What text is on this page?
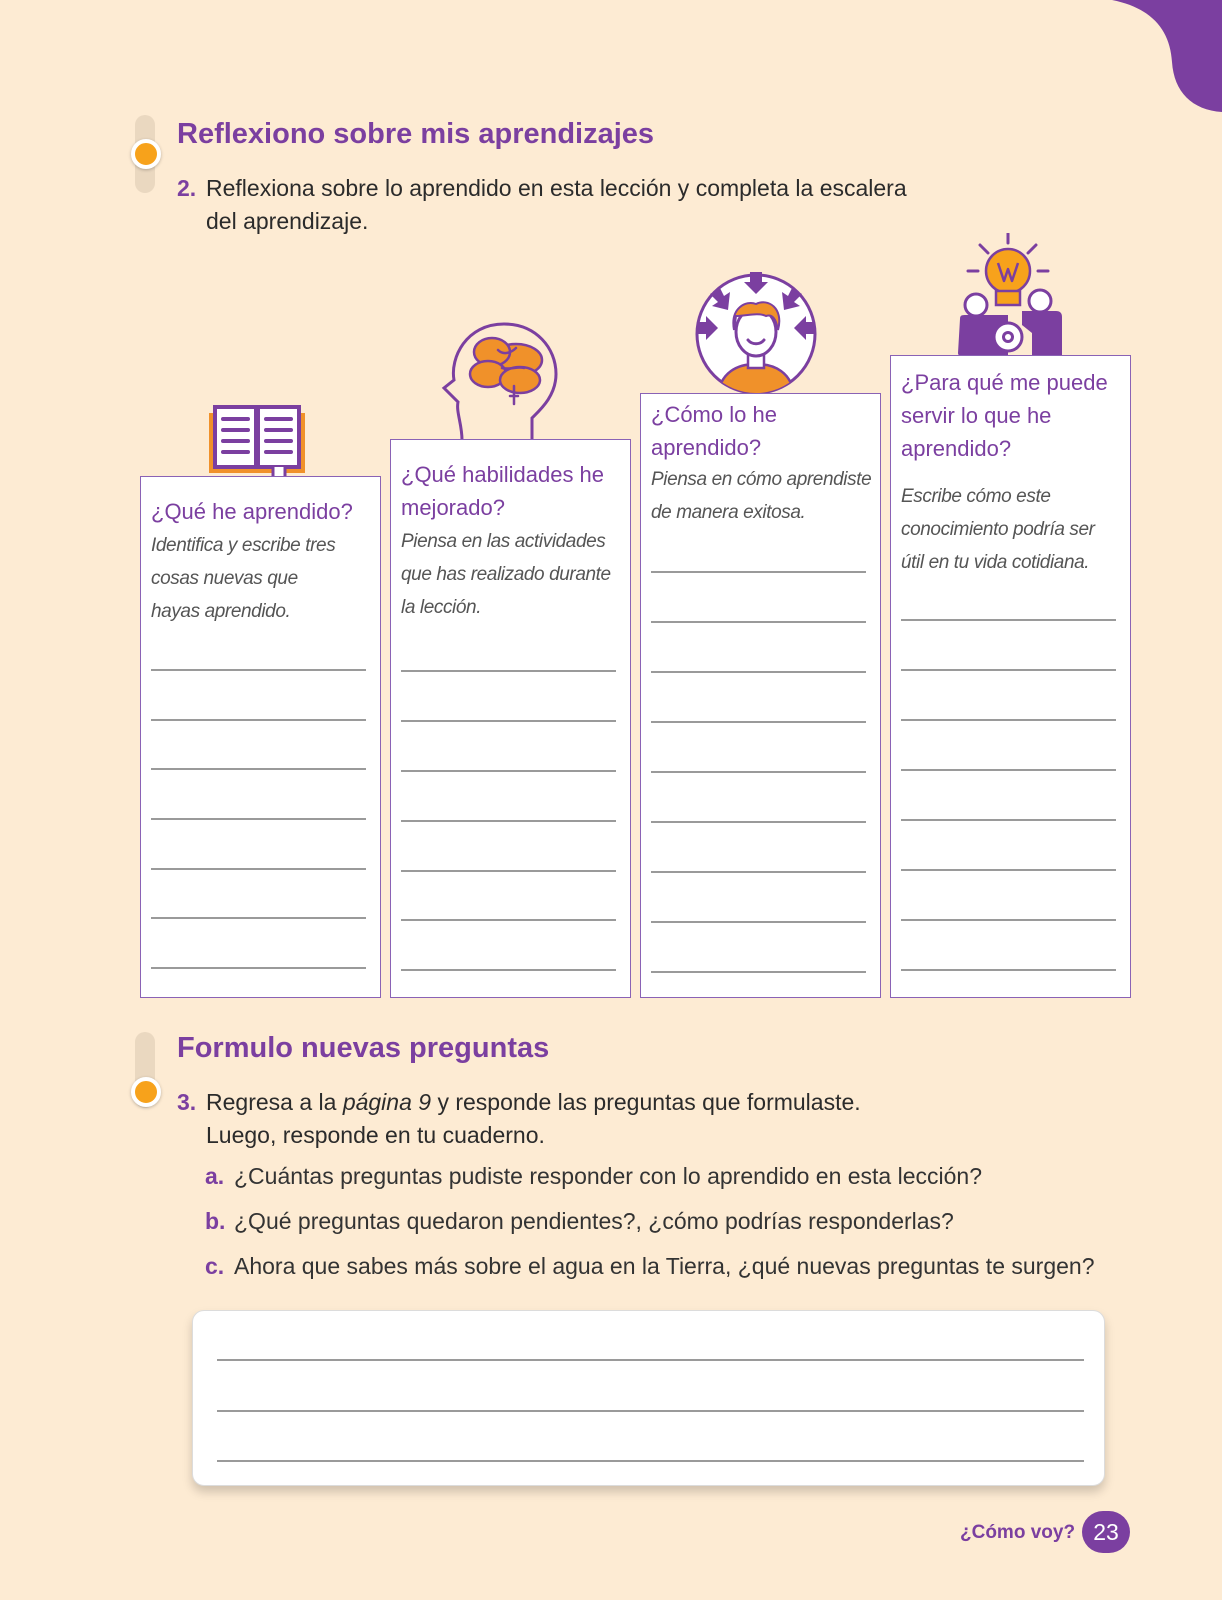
Reflexiono sobre mis aprendizajes
2. Reflexiona sobre lo aprendido en esta lección y completa la escalera
del aprendizaje.
¿Qué he aprendido?
Identifica y escribe tres
cosas nuevas que
hayas aprendido.
¿Qué habilidades he
mejorado?
Piensa en las actividades
que has realizado durante
la lección.
¿Cómo lo he
aprendido?
Piensa en cómo aprendiste
de manera exitosa.
¿Para qué me puede
servir lo que he
aprendido?
Escribe cómo este
conocimiento podría ser
útil en tu vida cotidiana.
Formulo nuevas preguntas
3. Regresa a la página 9 y responde las preguntas que formulaste.
Luego, responde en tu cuaderno.
a. ¿Cuántas preguntas pudiste responder con lo aprendido en esta lección?
b. ¿Qué preguntas quedaron pendientes?, ¿cómo podrías responderlas?
c. Ahora que sabes más sobre el agua en la Tierra, ¿qué nuevas preguntas te surgen?
¿Cómo voy? 23
